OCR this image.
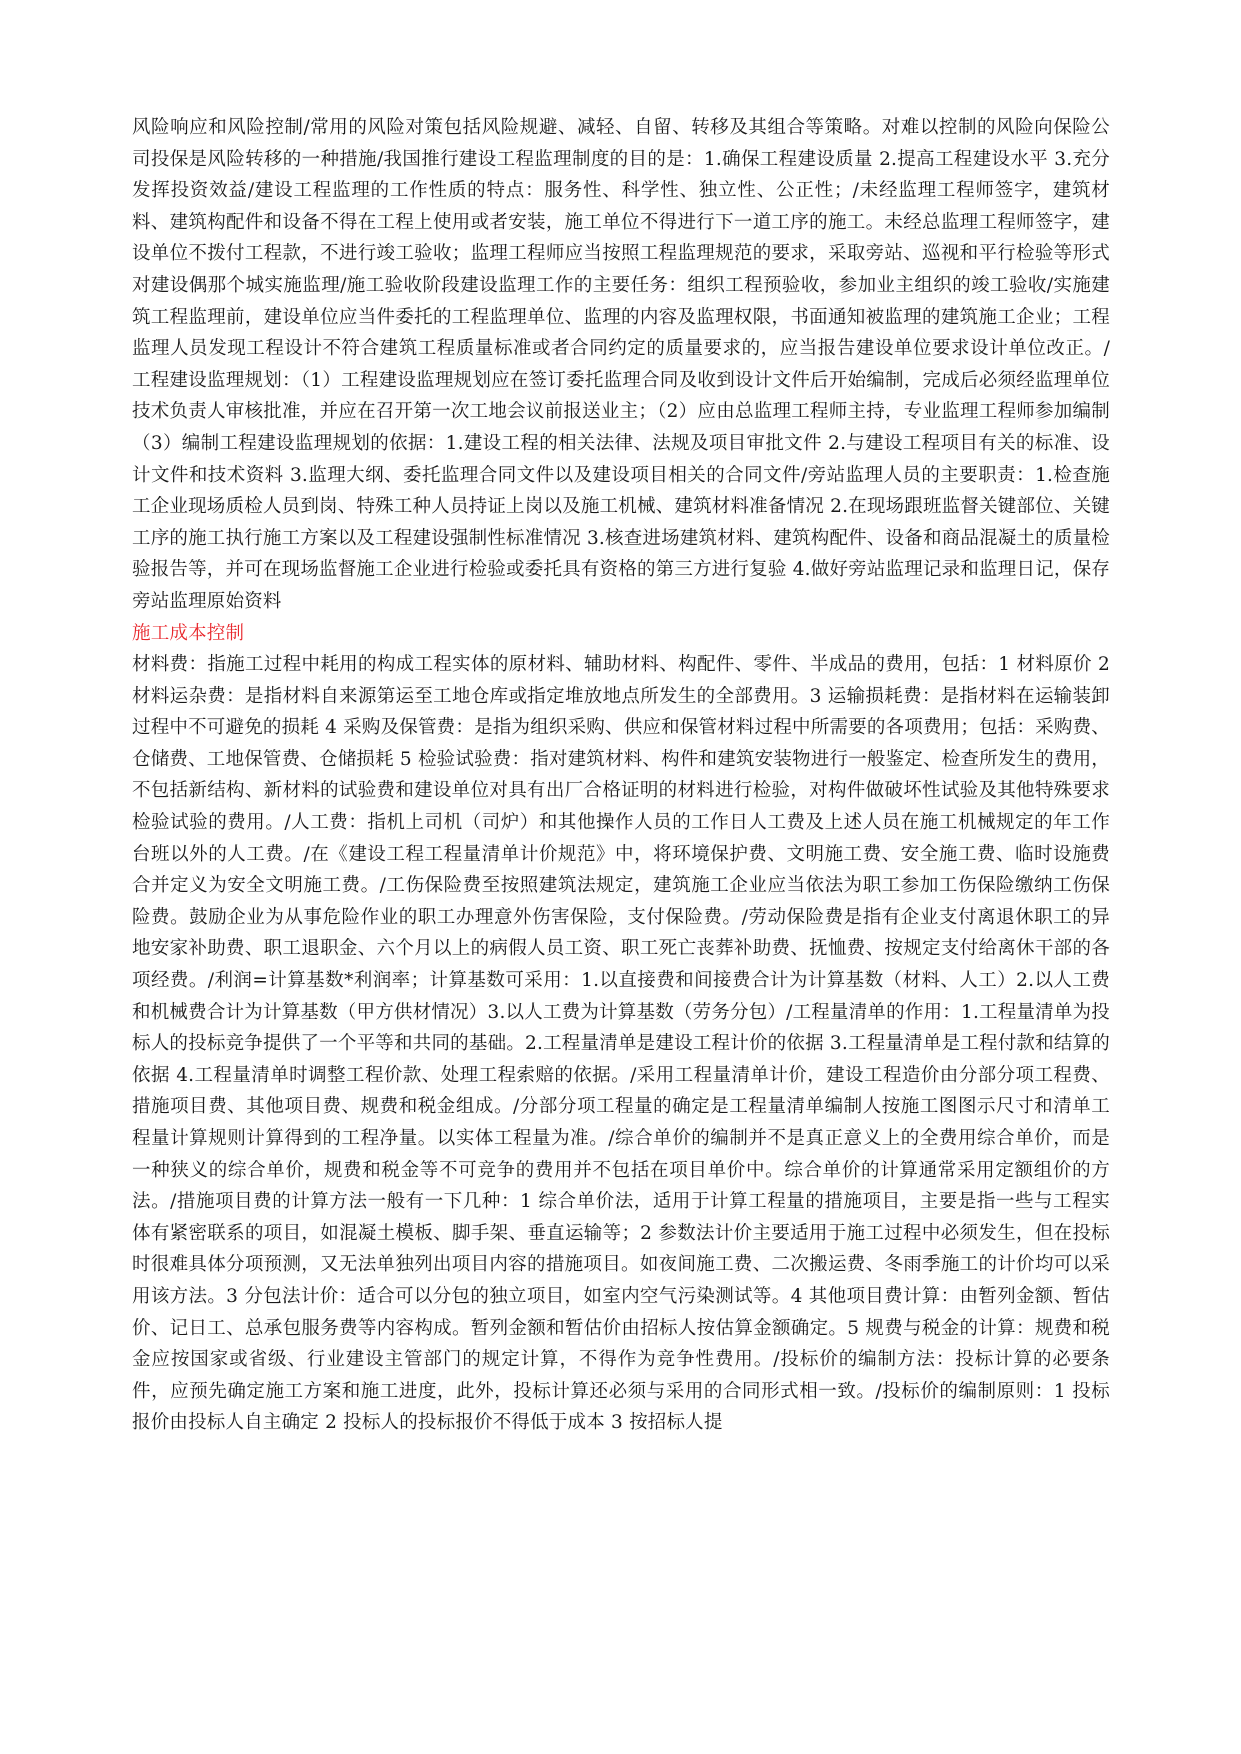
风险响应和风险控制/常用的风险对策包括风险规避、减轻、自留、转移及其组合等策略。对难以控制的风险向保险公司投保是风险转移的一种措施/我国推行建设工程监理制度的目的是：1.确保工程建设质量 2.提高工程建设水平 3.充分发挥投资效益/建设工程监理的工作性质的特点：服务性、科学性、独立性、公正性；/未经监理工程师签字，建筑材料、建筑构配件和设备不得在工程上使用或者安装，施工单位不得进行下一道工序的施工。未经总监理工程师签字，建设单位不拨付工程款，不进行竣工验收；监理工程师应当按照工程监理规范的要求，采取旁站、巡视和平行检验等形式对建设偶那个城实施监理/施工验收阶段建设监理工作的主要任务：组织工程预验收，参加业主组织的竣工验收/实施建筑工程监理前，建设单位应当件委托的工程监理单位、监理的内容及监理权限，书面通知被监理的建筑施工企业；工程监理人员发现工程设计不符合建筑工程质量标准或者合同约定的质量要求的，应当报告建设单位要求设计单位改正。/工程建设监理规划：（1）工程建设监理规划应在签订委托监理合同及收到设计文件后开始编制，完成后必须经监理单位技术负责人审核批准，并应在召开第一次工地会议前报送业主；（2）应由总监理工程师主持，专业监理工程师参加编制（3）编制工程建设监理规划的依据：1.建设工程的相关法律、法规及项目审批文件 2.与建设工程项目有关的标准、设计文件和技术资料 3.监理大纲、委托监理合同文件以及建设项目相关的合同文件/旁站监理人员的主要职责：1.检查施工企业现场质检人员到岗、特殊工种人员持证上岗以及施工机械、建筑材料准备情况 2.在现场跟班监督关键部位、关键工序的施工执行施工方案以及工程建设强制性标准情况 3.核查进场建筑材料、建筑构配件、设备和商品混凝土的质量检验报告等，并可在现场监督施工企业进行检验或委托具有资格的第三方进行复验 4.做好旁站监理记录和监理日记，保存旁站监理原始资料

施工成本控制

材料费：指施工过程中耗用的构成工程实体的原材料、辅助材料、构配件、零件、半成品的费用，包括：1 材料原价 2 材料运杂费：是指材料自来源第运至工地仓库或指定堆放地点所发生的全部费用。3 运输损耗费：是指材料在运输装卸过程中不可避免的损耗 4 采购及保管费：是指为组织采购、供应和保管材料过程中所需要的各项费用；包括：采购费、仓储费、工地保管费、仓储损耗 5 检验试验费：指对建筑材料、构件和建筑安装物进行一般鉴定、检查所发生的费用，不包括新结构、新材料的试验费和建设单位对具有出厂合格证明的材料进行检验，对构件做破坏性试验及其他特殊要求检验试验的费用。/人工费：指机上司机（司炉）和其他操作人员的工作日人工费及上述人员在施工机械规定的年工作台班以外的人工费。/在《建设工程工程量清单计价规范》中，将环境保护费、文明施工费、安全施工费、临时设施费合并定义为安全文明施工费。/工伤保险费至按照建筑法规定，建筑施工企业应当依法为职工参加工伤保险缴纳工伤保险费。鼓励企业为从事危险作业的职工办理意外伤害保险，支付保险费。/劳动保险费是指有企业支付离退休职工的异地安家补助费、职工退职金、六个月以上的病假人员工资、职工死亡丧葬补助费、抚恤费、按规定支付给离休干部的各项经费。/利润=计算基数*利润率；计算基数可采用：1.以直接费和间接费合计为计算基数（材料、人工）2.以人工费和机械费合计为计算基数（甲方供材情况）3.以人工费为计算基数（劳务分包）/工程量清单的作用：1.工程量清单为投标人的投标竞争提供了一个平等和共同的基础。2.工程量清单是建设工程计价的依据 3.工程量清单是工程付款和结算的依据 4.工程量清单时调整工程价款、处理工程索赔的依据。/采用工程量清单计价，建设工程造价由分部分项工程费、措施项目费、其他项目费、规费和税金组成。/分部分项工程量的确定是工程量清单编制人按施工图图示尺寸和清单工程量计算规则计算得到的工程净量。以实体工程量为准。/综合单价的编制并不是真正意义上的全费用综合单价，而是一种狭义的综合单价，规费和税金等不可竞争的费用并不包括在项目单价中。综合单价的计算通常采用定额组价的方法。/措施项目费的计算方法一般有一下几种：1 综合单价法，适用于计算工程量的措施项目，主要是指一些与工程实体有紧密联系的项目，如混凝土模板、脚手架、垂直运输等；2 参数法计价主要适用于施工过程中必须发生，但在投标时很难具体分项预测，又无法单独列出项目内容的措施项目。如夜间施工费、二次搬运费、冬雨季施工的计价均可以采用该方法。3 分包法计价：适合可以分包的独立项目，如室内空气污染测试等。4 其他项目费计算：由暂列金额、暂估价、记日工、总承包服务费等内容构成。暂列金额和暂估价由招标人按估算金额确定。5 规费与税金的计算：规费和税金应按国家或省级、行业建设主管部门的规定计算，不得作为竞争性费用。/投标价的编制方法：投标计算的必要条件，应预先确定施工方案和施工进度，此外，投标计算还必须与采用的合同形式相一致。/投标价的编制原则：1 投标报价由投标人自主确定 2 投标人的投标报价不得低于成本 3 按招标人提
